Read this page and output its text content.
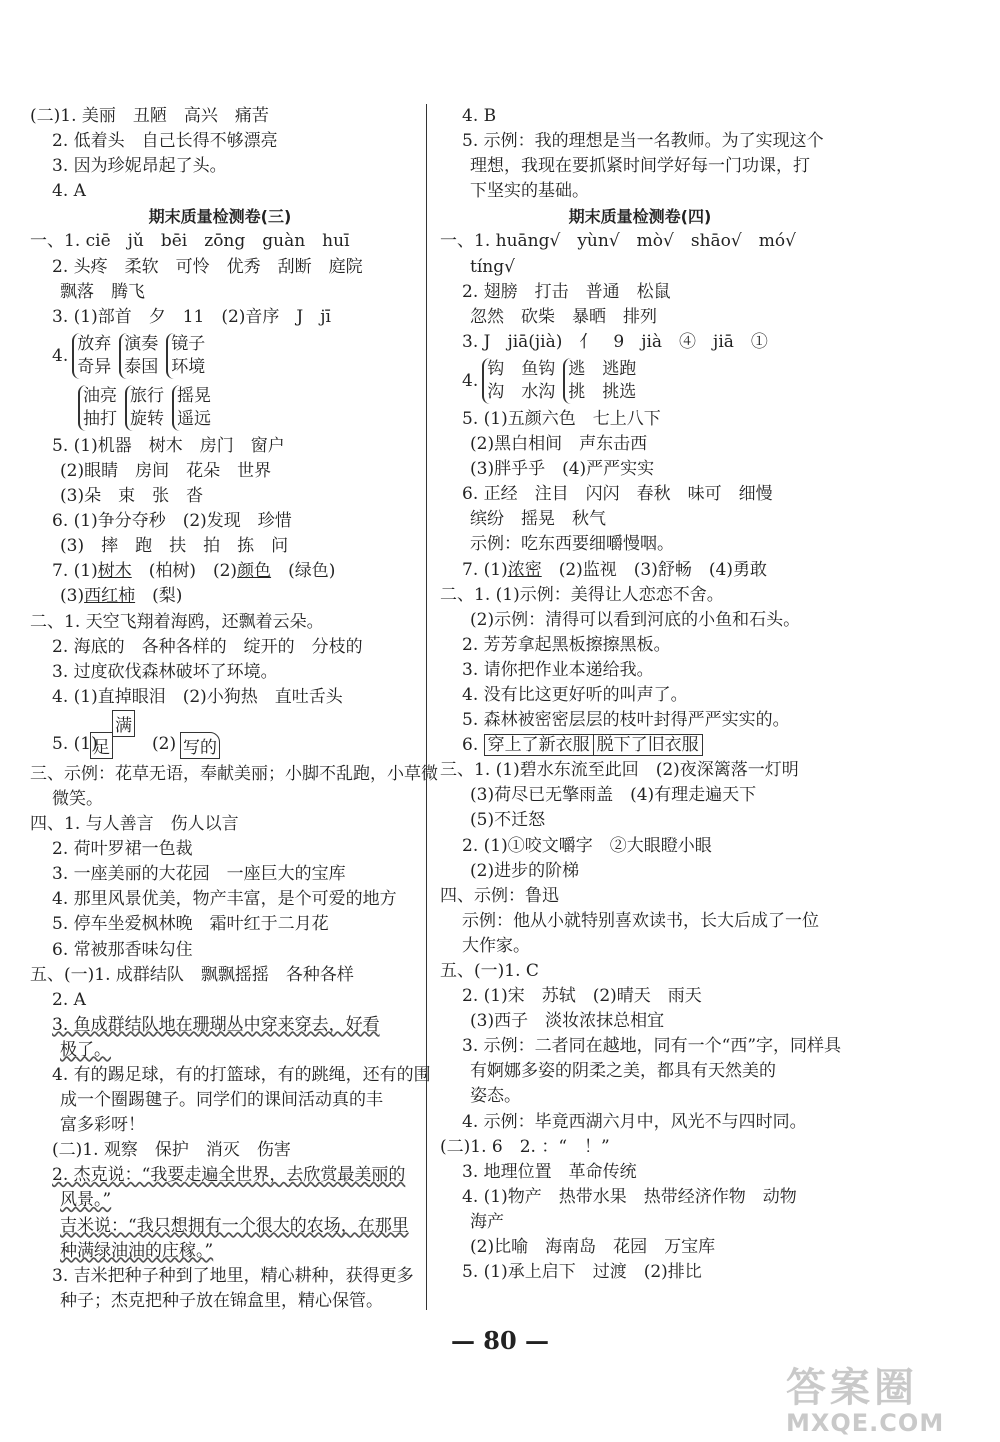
(二)1. 美丽　丑陋　高兴　痛苦
2. 低着头　自己长得不够漂亮
3. 因为珍妮昂起了头。
4. A
期末质量检测卷(三)
一、1. ciē　jǔ　bēi　zōng　guàn　huī
2. 头疼　柔软　可怜　优秀　刮断　庭院
飘落　腾飞
3. (1)部首　夕　11　(2)音序　J　jī
4.
放弃
奇异
演奏
泰国
镜子
环境
油亮
抽打
旅行
旋转
摇晃
遥远
5. (1)机器　树木　房门　窗户
(2)眼睛　房间　花朵　世界
(3)朵　束　张　沓
6. (1)争分夺秒　(2)发现　珍惜
(3)　摔　跑　扶　拍　拣　问
7. (1)树木　 (柏树)　(2)颜色　 (绿色)
(3)西红柿　 (梨)
二、1. 天空飞翔着海鸥，还飘着云朵。
2. 海底的　各种各样的　绽开的　分枝的
3. 过度砍伐森林破坏了环境。
4. (1)直掉眼泪　(2)小狗热　直吐舌头
5. (1)
足
满
(2) 写的
三、示例：花草无语，奉献美丽；小脚不乱跑，小草微
微笑。
四、1. 与人善言　伤人以言
2. 荷叶罗裙一色裁
3. 一座美丽的大花园　一座巨大的宝库
4. 那里风景优美，物产丰富，是个可爱的地方
5. 停车坐爱枫林晚　霜叶红于二月花
6. 常被那香味勾住
五、(一)1. 成群结队　飘飘摇摇　各种各样
2. A
3. 鱼成群结队地在珊瑚丛中穿来穿去，好看
极了。
4. 有的踢足球，有的打篮球，有的跳绳，还有的围
成一个圈踢毽子。同学们的课间活动真的丰
富多彩呀！
(二)1. 观察　保护　消灭　伤害
2. 杰克说：“我要走遍全世界，去欣赏最美丽的
风景。”
吉米说：“我只想拥有一个很大的农场，在那里
种满绿油油的庄稼。”
3. 吉米把种子种到了地里，精心耕种，获得更多
种子；杰克把种子放在锦盒里，精心保管。
4. B
5. 示例：我的理想是当一名教师。为了实现这个
理想，我现在要抓紧时间学好每一门功课，打
下坚实的基础。
期末质量检测卷(四)
一、1. huāng√　yùn√　mò√　shāo√　mó√
tíng√
2. 翅膀　打击　普通　松鼠
忽然　砍柴　暴晒　排列
3. J　jiā(jià)　亻　9　jià　④　jiā　①
4.
钩　鱼钩
沟　水沟
逃　逃跑
挑　挑选
5. (1)五颜六色　七上八下
(2)黑白相间　声东击西
(3)胖乎乎　(4)严严实实
6. 正经　注目　闪闪　春秋　味可　细慢
缤纷　摇晃　秋气
示例：吃东西要细嚼慢咽。
7. (1)浓密　 (2)监视　(3)舒畅　(4)勇敢
二、1. (1)示例：美得让人恋恋不舍。
(2)示例：清得可以看到河底的小鱼和石头。
2. 芳芳拿起黑板擦擦黑板。
3. 请你把作业本递给我。
4. 没有比这更好听的叫声了。
5. 森林被密密层层的枝叶封得严严实实的。
6. 穿上了新衣服 脱下了旧衣服
三、1. (1)碧水东流至此回　(2)夜深篱落一灯明
(3)荷尽已无擎雨盖　(4)有理走遍天下
(5)不迁怒
2. (1)①咬文嚼字　②大眼瞪小眼
(2)进步的阶梯
四、示例：鲁迅
示例：他从小就特别喜欢读书，长大后成了一位
大作家。
五、(一)1. C
2. (1)宋　苏轼　(2)晴天　雨天
(3)西子　淡妆浓抹总相宜
3. 示例：二者同在越地，同有一个“西”字，同样具
有婀娜多姿的阴柔之美，都具有天然美的
姿态。
4. 示例：毕竟西湖六月中，风光不与四时同。
(二)1. 6　2. ：“　！”
3. 地理位置　革命传统
4. (1)物产　热带水果　热带经济作物　动物
海产
(2)比喻　海南岛　花园　万宝库
5. (1)承上启下　过渡　(2)排比
— 80 —
答案圈
MXQE.COM
